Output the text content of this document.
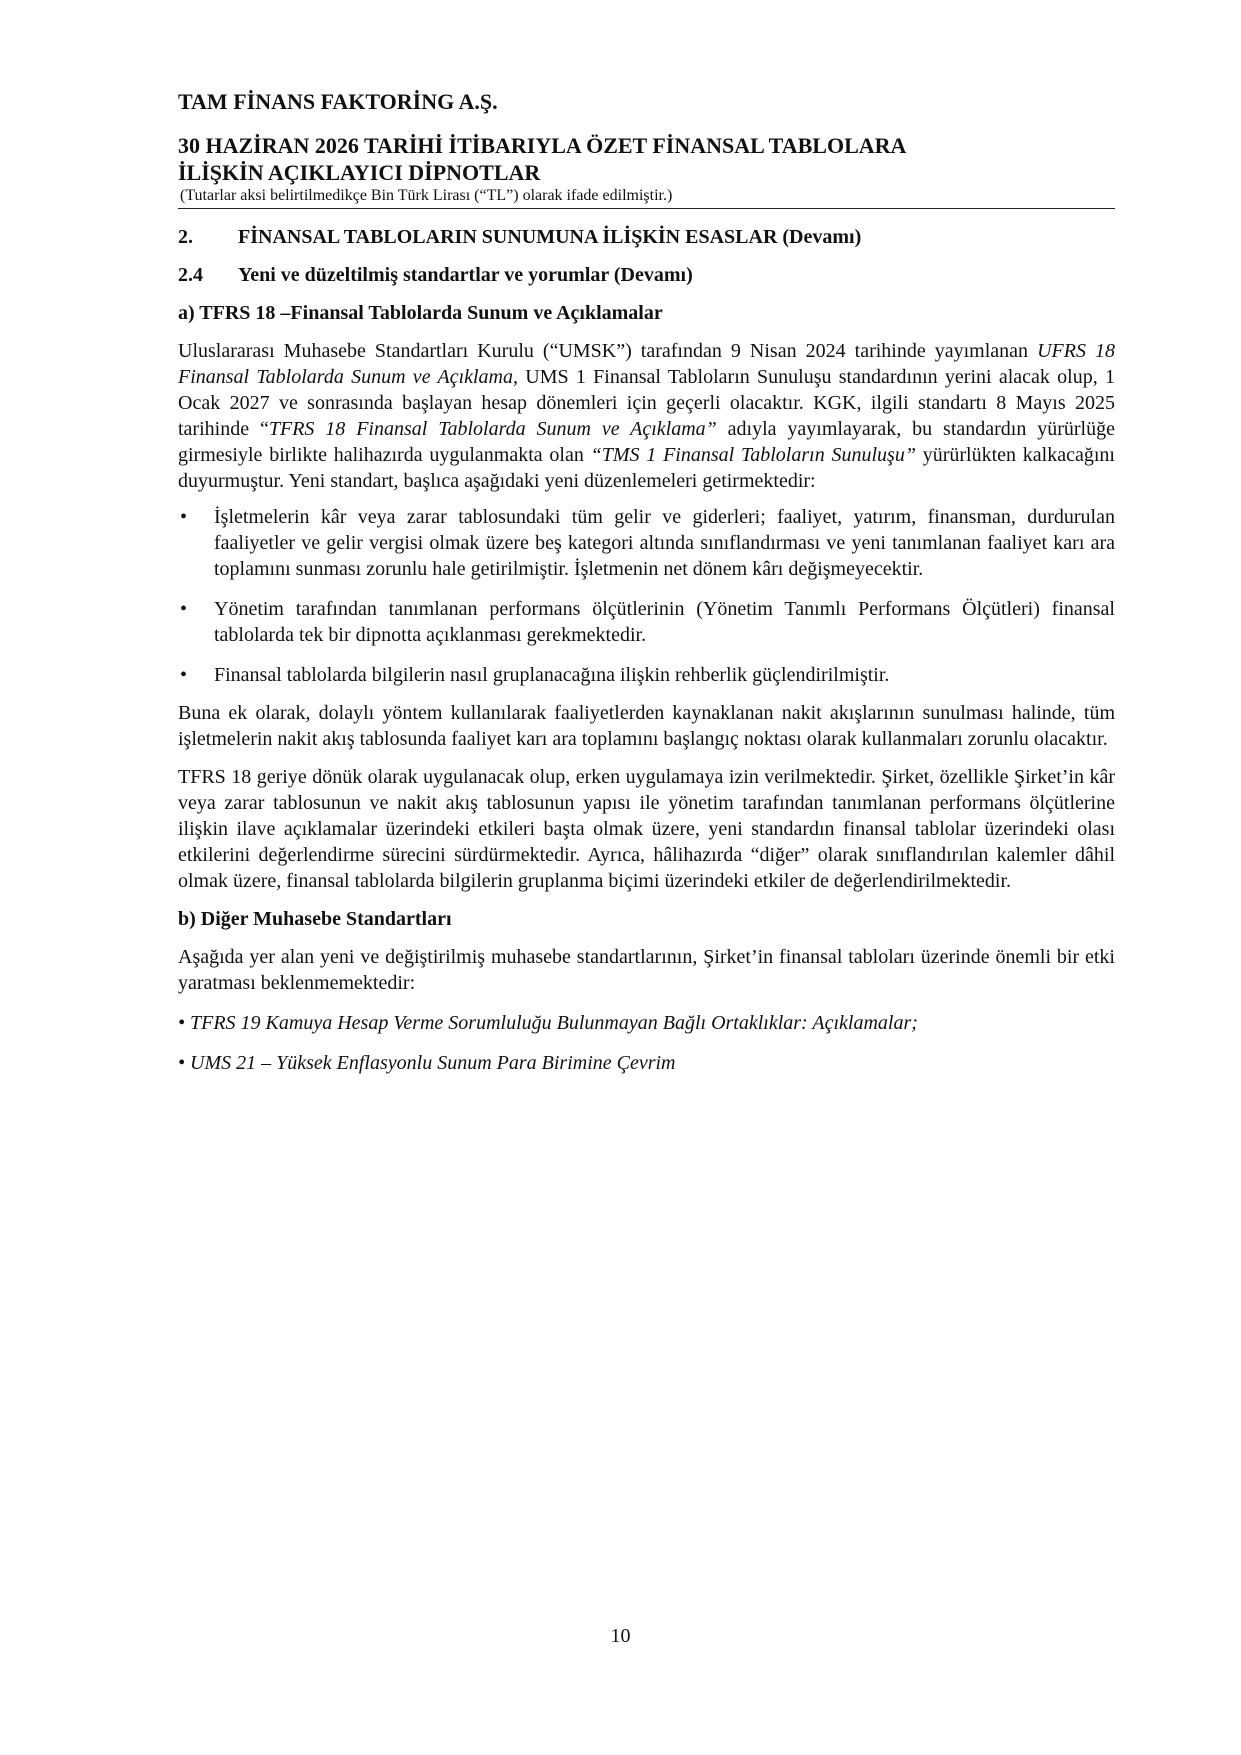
TAM FİNANS FAKTORİNG A.Ş.
30 HAZİRAN 2026 TARİHİ İTİBARIYLA ÖZET FİNANSAL TABLOLARA
İLİŞKİN AÇIKLAYICI DİPNOTLAR
(Tutarlar aksi belirtilmedikçe Bin Türk Lirası (“TL”) olarak ifade edilmiştir.)
2.	FİNANSAL TABLOLARIN SUNUMUNA İLİŞKİN ESASLAR (Devamı)
2.4	Yeni ve düzeltilmiş standartlar ve yorumlar (Devamı)
a) TFRS 18 –Finansal Tablolarda Sunum ve Açıklamalar

Uluslararası Muhasebe Standartları Kurulu (“UMSK”) tarafından 9 Nisan 2024 tarihinde yayımlanan UFRS 18 Finansal Tablolarda Sunum ve Açıklama, UMS 1 Finansal Tabloların Sunuluşu standardının yerini alacak olup, 1 Ocak 2027 ve sonrasında başlayan hesap dönemleri için geçerli olacaktır. KGK, ilgili standartı 8 Mayıs 2025 tarihinde “TFRS 18 Finansal Tablolarda Sunum ve Açıklama” adıyla yayımlayarak, bu standardın yürürlüğe girmesiyle birlikte halihazırda uygulanmakta olan “TMS 1 Finansal Tabloların Sunuluşu” yürürlükten kalkacağını duyurmuştur. Yeni standart, başlıca aşağıdaki yeni düzenlemeleri getirmektedir:

• İşletmelerin kâr veya zarar tablosundaki tüm gelir ve giderleri; faaliyet, yatırım, finansman, durdurulan faaliyetler ve gelir vergisi olmak üzere beş kategori altında sınıflandırması ve yeni tanımlanan faaliyet karı ara toplamını sunması zorunlu hale getirilmiştir. İşletmenin net dönem kârı değişmeyecektir.
• Yönetim tarafından tanımlanan performans ölçütlerinin (Yönetim Tanımlı Performans Ölçütleri) finansal tablolarda tek bir dipnotta açıklanması gerekmektedir.
• Finansal tablolarda bilgilerin nasıl gruplanacağına ilişkin rehberlik güçlendirilmiştir.

Buna ek olarak, dolaylı yöntem kullanılarak faaliyetlerden kaynaklanan nakit akışlarının sunulması halinde, tüm işletmelerin nakit akış tablosunda faaliyet karı ara toplamını başlangıç noktası olarak kullanmaları zorunlu olacaktır.

TFRS 18 geriye dönük olarak uygulanacak olup, erken uygulamaya izin verilmektedir. Şirket, özellikle Şirket’in kâr veya zarar tablosunun ve nakit akış tablosunun yapısı ile yönetim tarafından tanımlanan performans ölçütlerine ilişkin ilave açıklamalar üzerindeki etkileri başta olmak üzere, yeni standardın finansal tablolar üzerindeki olası etkilerini değerlendirme sürecini sürdürmektedir. Ayrıca, hâlihazırda “diğer” olarak sınıflandırılan kalemler dâhil olmak üzere, finansal tablolarda bilgilerin gruplanma biçimi üzerindeki etkiler de değerlendirilmektedir.

b) Diğer Muhasebe Standartları

Aşağıda yer alan yeni ve değiştirilmiş muhasebe standartlarının, Şirket’in finansal tabloları üzerinde önemli bir etki yaratması beklenmemektedir:

• TFRS 19 Kamuya Hesap Verme Sorumluluğu Bulunmayan Bağlı Ortaklıklar: Açıklamalar;
• UMS 21 – Yüksek Enflasyonlu Sunum Para Birimine Çevrim
10
